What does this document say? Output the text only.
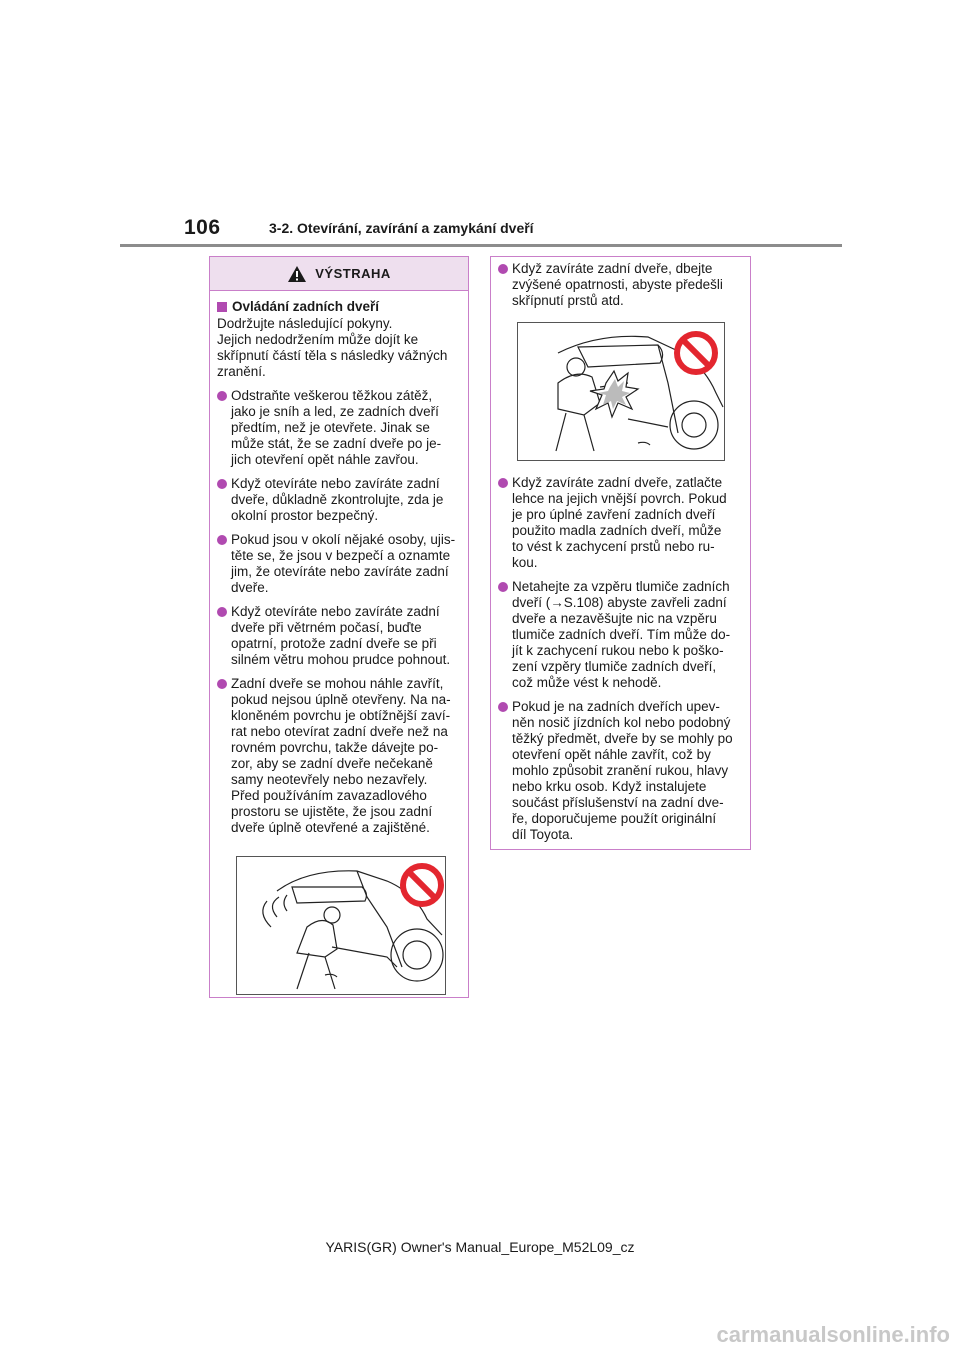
106	3-2. Otevírání, zavírání a zamykání dveří
VÝSTRAHA
Ovládání zadních dveří
Dodržujte následující pokyny.
Jejich nedodržením může dojít ke skřípnutí částí těla s následky vážných zranění.
Odstraňte veškerou těžkou zátěž,
jako je sníh a led, ze zadních dveří
předtím, než je otevřete. Jinak se
může stát, že se zadní dveře po je-
jich otevření opět náhle zavřou.
Když otevíráte nebo zavíráte zadní
dveře, důkladně zkontrolujte, zda je
okolní prostor bezpečný.
Pokud jsou v okolí nějaké osoby, ujis-
těte se, že jsou v bezpečí a oznamte
jim, že otevíráte nebo zavíráte zadní
dveře.
Když otevíráte nebo zavíráte zadní
dveře při větrném počasí, buďte
opatrní, protože zadní dveře se při
silném větru mohou prudce pohnout.
Zadní dveře se mohou náhle zavřít,
pokud nejsou úplně otevřeny. Na na-
kloněném povrchu je obtížnější zaví-
rat nebo otevírat zadní dveře než na
rovném povrchu, takže dávejte po-
zor, aby se zadní dveře nečekaně
samy neotevřely nebo nezavřely.
Před používáním zavazadlového
prostoru se ujistěte, že jsou zadní
dveře úplně otevřené a zajištěné.
Když zavíráte zadní dveře, dbejte
zvýšené opatrnosti, abyste předešli
skřípnutí prstů atd.
Když zavíráte zadní dveře, zatlačte
lehce na jejich vnější povrch. Pokud
je pro úplné zavření zadních dveří
použito madla zadních dveří, může
to vést k zachycení prstů nebo ru-
kou.
Netahejte za vzpěru tlumiče zadních
dveří (→S.108) abyste zavřeli zadní
dveře a nezavěšujte nic na vzpěru
tlumiče zadních dveří. Tím může do-
jít k zachycení rukou nebo k poško-
zení vzpěry tlumiče zadních dveří,
což může vést k nehodě.
Pokud je na zadních dveřích upev-
něn nosič jízdních kol nebo podobný
těžký předmět, dveře by se mohly po
otevření opět náhle zavřít, což by
mohlo způsobit zranění rukou, hlavy
nebo krku osob. Když instalujete
součást příslušenství na zadní dve-
ře, doporučujeme použít originální
díl Toyota.
YARIS(GR) Owner's Manual_Europe_M52L09_cz
carmanualsonline.info
